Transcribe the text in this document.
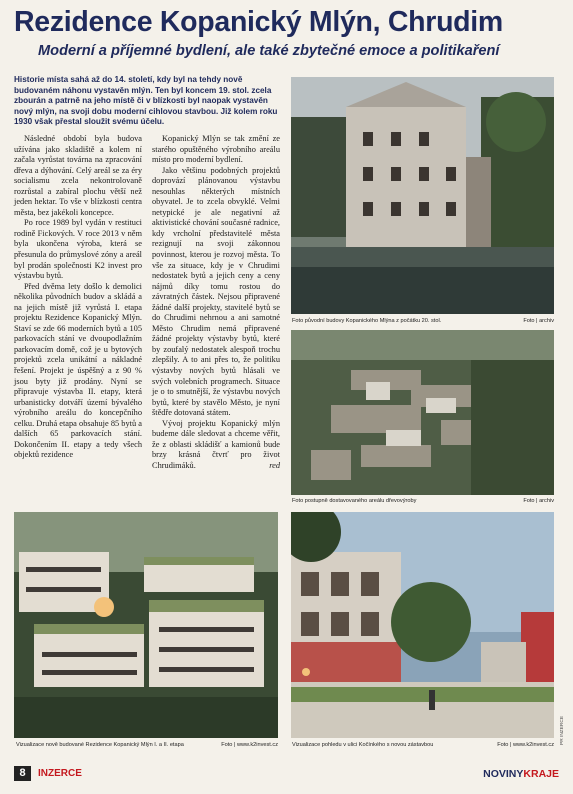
Rezidence Kopanický Mlýn, Chrudim
Moderní a příjemné bydlení, ale také zbytečné emoce a politikaření
Historie místa sahá až do 14. století, kdy byl na tehdy nově budovaném náhonu vystavěn mlýn. Ten byl koncem 19. stol. zcela zbourán a patrně na jeho místě či v blízkosti byl naopak vystavěn nový mlýn, na svoji dobu moderní cihlovou stavbou. Již kolem roku 1930 však přestal sloužit svému účelu.

Následné období byla budova užívána jako skladiště a kolem ní začala vyrůstat továrna na zpracování dřeva a dýhování. Celý areál se za éry socialismu zcela nekontrolovaně rozrůstal a zabíral plochu větší než jeden hektar. To vše v blízkosti centra města, bez jakékoli koncepce.

Po roce 1989 byl vydán v restituci rodině Fickových. V roce 2013 v něm byla ukončena výroba, která se přesunula do průmyslové zóny a areál byl prodán společnosti K2 invest pro výstavbu bytů.

Před dvěma lety došlo k demolici několika původních budov a skládá a na jejich místě již vyrůstá I. etapa projektu Rezidence Kopanický Mlýn. Staví se zde 66 moderních bytů a 105 parkovacích stání ve dvoupodlažním parkovacím domě, což je u bytových projektů zcela unikátní a nákladné řešení. Projekt je úspěšný a z 90 % jsou byty již prodány. Nyní se připravuje výstavba II. etapy, která urbanisticky dotváří území bývalého výrobního areálu do koncepčního celku. Druhá etapa obsahuje 85 bytů a dalších 65 parkovacích stání. Dokončením II. etapy a tedy všech objektů rezidence

Kopanický Mlýn se tak změní ze starého opuštěného výrobního areálu místo pro moderní bydlení.

Jako většinu podobných projektů doprovází plánovanou výstavbu nesouhlas některých místních obyvatel. Je to zcela obvyklé. Velmi netypické je ale negativní až aktivistické chování současné radnice, kdy vrcholní představitelé města rezignují na svoji zákonnou povinnost, kterou je rozvoj města. To vše za situace, kdy je v Chrudimi nedostatek bytů a jejich ceny a ceny nájmů díky tomu rostou do závratných částek. Nejsou připravené žádné další projekty, stavitelé bytů se do Chrudimi nehrnou a ani samotné Město Chrudim nemá připravené žádné projekty výstavby bytů, které by zoufalý nedostatek alespoň trochu zlepšily. A to ani přes to, že politiku výstavby nových bytů hlásali ve svých volebních programech. Situace je o to smutnější, že výstavbu nových bytů, které by stavělo Město, je nyní štědře dotovaná státem.

Vývoj projektu Kopanický mlýn budeme dále sledovat a chceme věřit, že z oblasti skládišť a kamionů bude brzy krásná čtvrť pro život Chrudimáků.	red

Foto původní budovy Kopanického Mlýna z počátku 20. stol.	Foto | archiv
Foto postupně dostavovaného areálu dřevovýroby	Foto | archiv
Vizualizace nově budované Rezidence Kopanický Mlýn I. a II. etapa	Foto | www.k2invest.cz	Vizualizace pohledu v ulici Kočínkého s novou zástavbou	Foto | www.k2invest.cz PR INZERCE
8	INZERCE	NOVINYKRAJE
